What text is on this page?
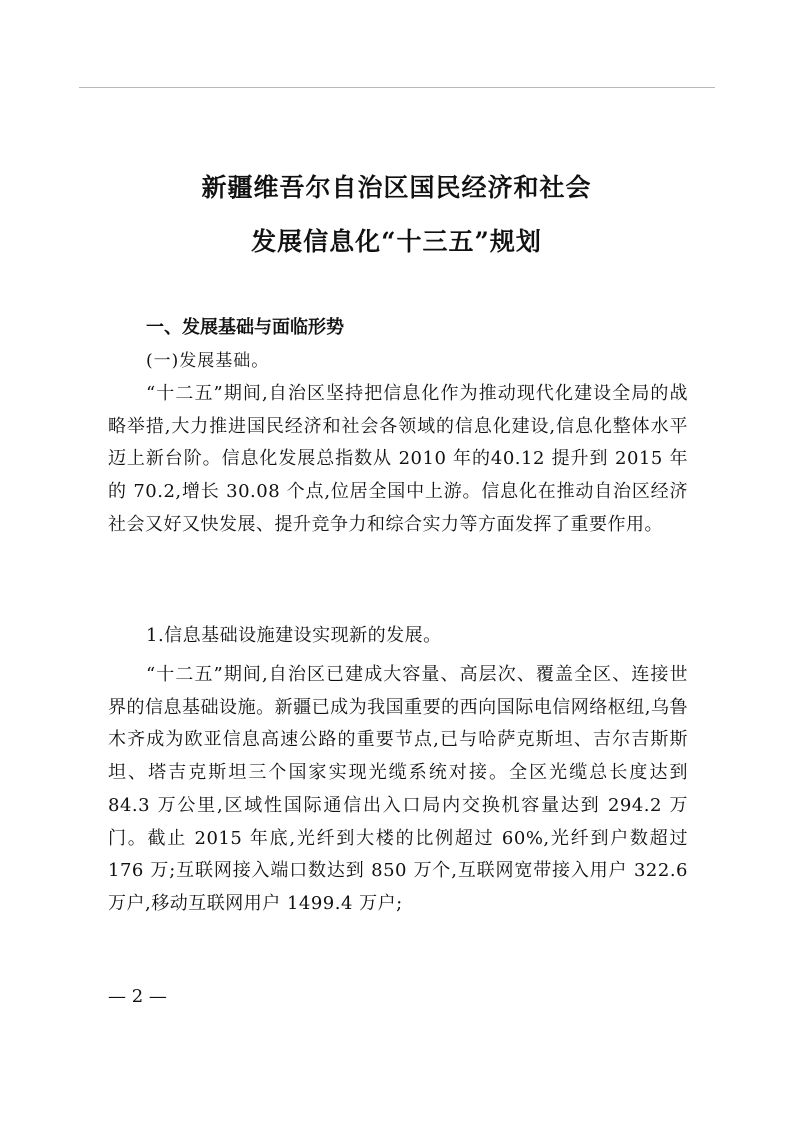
新疆维吾尔自治区国民经济和社会
发展信息化“十三五”规划
一、发展基础与面临形势
(一)发展基础。

“十二五”期间,自治区坚持把信息化作为推动现代化建设全局的战略举措,大力推进国民经济和社会各领域的信息化建设,信息化整体水平迈上新台阶。信息化发展总指数从 2010 年的40.12 提升到 2015 年的 70.2,增长 30.08 个点,位居全国中上游。信息化在推动自治区经济社会又好又快发展、提升竞争力和综合实力等方面发挥了重要作用。

1.信息基础设施建设实现新的发展。

“十二五”期间,自治区已建成大容量、高层次、覆盖全区、连接世界的信息基础设施。新疆已成为我国重要的西向国际电信网络枢纽,乌鲁木齐成为欧亚信息高速公路的重要节点,已与哈萨克斯坦、吉尔吉斯斯坦、塔吉克斯坦三个国家实现光缆系统对接。全区光缆总长度达到 84.3 万公里,区域性国际通信出入口局内交换机容量达到 294.2 万门。截止 2015 年底,光纤到大楼的比例超过 60%,光纤到户数超过 176 万;互联网接入端口数达到 850 万个,互联网宽带接入用户 322.6 万户,移动互联网用户 1499.4 万户;

— 2 —
